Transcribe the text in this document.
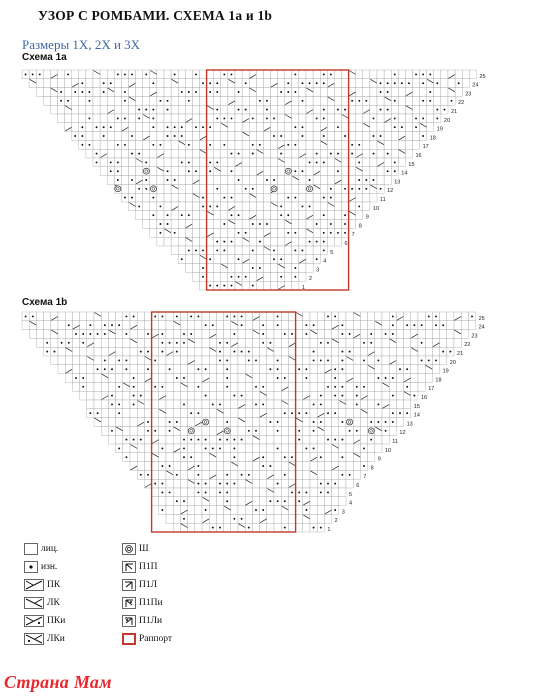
УЗОР С РОМБАМИ. СХЕМА 1а и 1b
Размеры 1Х, 2Х и 3Х
Схема 1а
25
24
23
22
21
20
19
18
17
16
15
14
13
12
11
10
9
8
7
6
5
4
3
2
1
Схема 1b
25
24
23
22
21
20
19
18
17
16
15
14
13
12
11
10
9
8
7
6
5
4
3
2
1
лиц.
изн.
ПК
ЛК
ПКи
ЛКи
Ш
П1П
П1Л
П1Пи
П1Ли
Раппорт
Страна Мам
